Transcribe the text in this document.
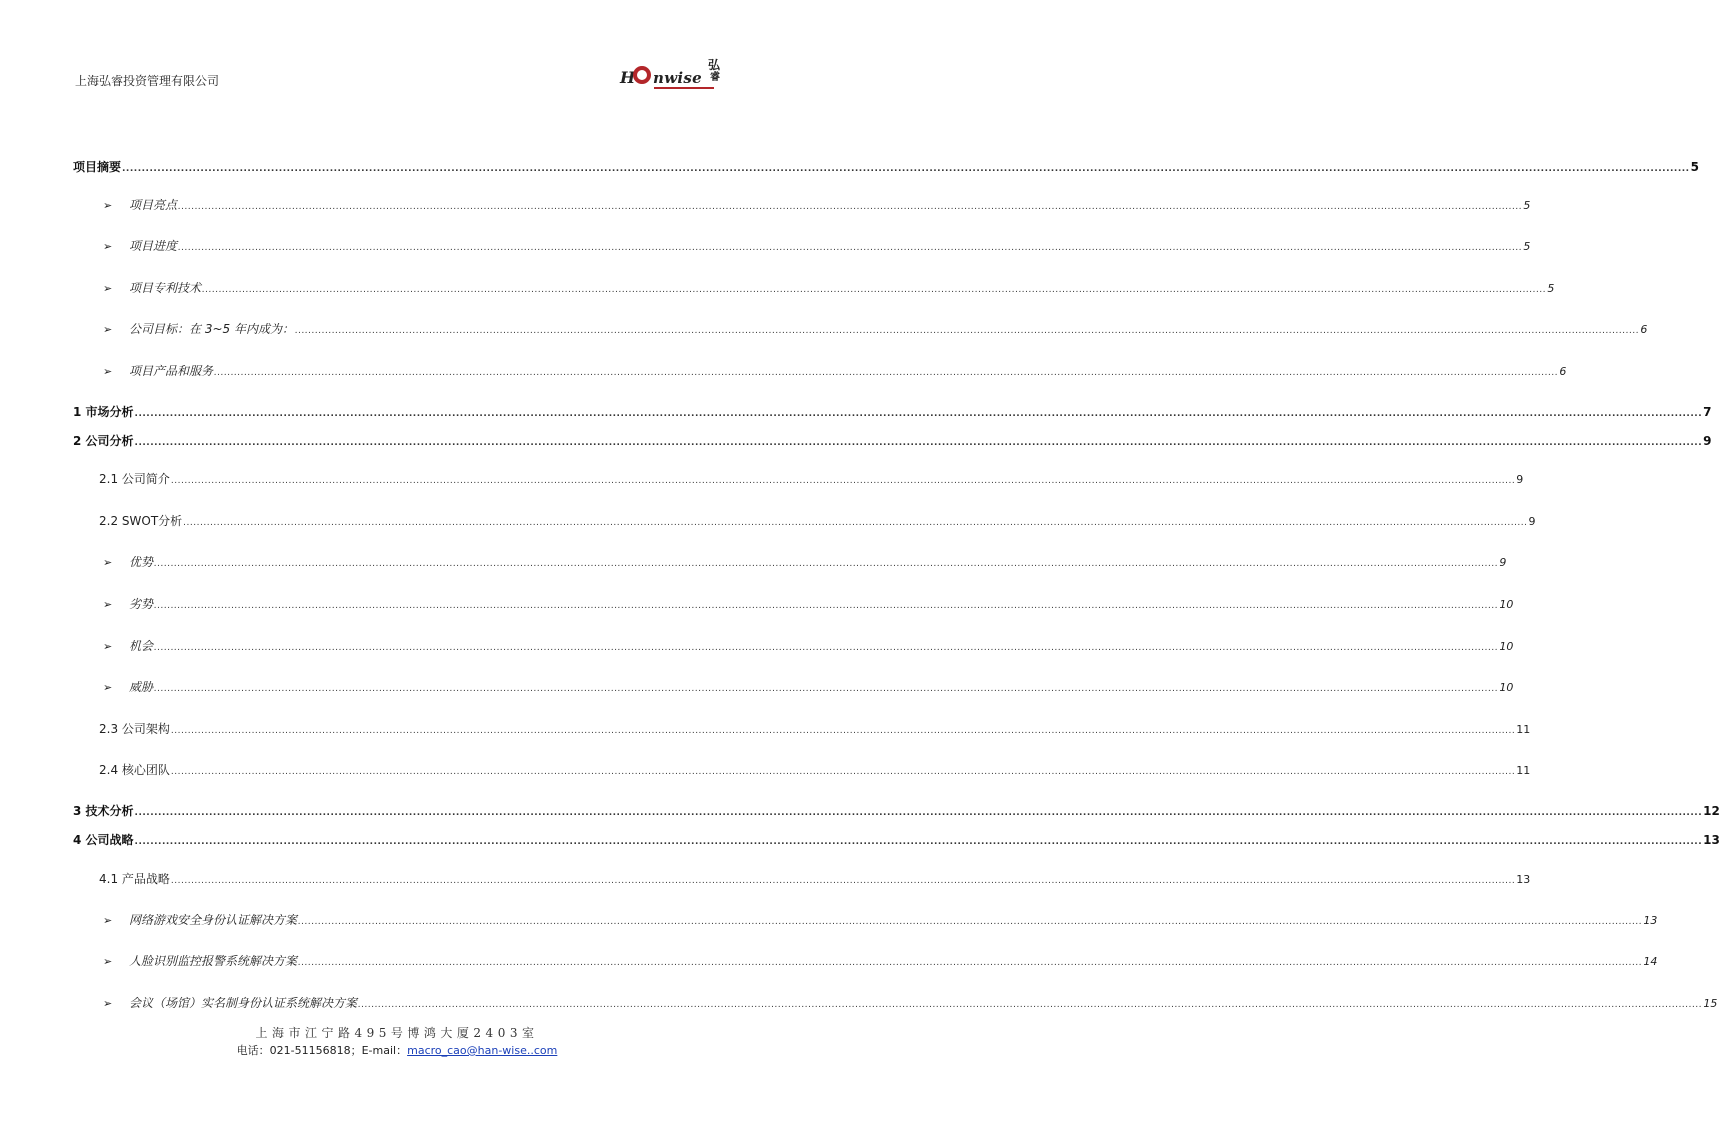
上海弘睿投资管理有限公司	H nwise
弘
睿
项目摘要 ................................................................................................................................................................................................................................................................................................................................................................................................................ 5
➢ 项目亮点 ................................................................................................................................................................................................................................................................................................................................................................................................................ 5
➢ 项目进度 ................................................................................................................................................................................................................................................................................................................................................................................................................ 5
➢ 项目专利技术 ................................................................................................................................................................................................................................................................................................................................................................................................................ 5
➢ 公司目标：在 3~5 年内成为： ................................................................................................................................................................................................................................................................................................................................................................................................................ 6
➢ 项目产品和服务 ................................................................................................................................................................................................................................................................................................................................................................................................................ 6
1 市场分析 ................................................................................................................................................................................................................................................................................................................................................................................................................ 7
2 公司分析 ................................................................................................................................................................................................................................................................................................................................................................................................................ 9
2.1 公司简介 ................................................................................................................................................................................................................................................................................................................................................................................................................ 9
2.2 SWOT分析 ................................................................................................................................................................................................................................................................................................................................................................................................................ 9
➢ 优势 ................................................................................................................................................................................................................................................................................................................................................................................................................ 9
➢ 劣势 ................................................................................................................................................................................................................................................................................................................................................................................................................ 10
➢ 机会 ................................................................................................................................................................................................................................................................................................................................................................................................................ 10
➢ 威胁 ................................................................................................................................................................................................................................................................................................................................................................................................................ 10
2.3 公司架构 ................................................................................................................................................................................................................................................................................................................................................................................................................ 11
2.4 核心团队 ................................................................................................................................................................................................................................................................................................................................................................................................................ 11
3 技术分析 ................................................................................................................................................................................................................................................................................................................................................................................................................ 12
4 公司战略 ................................................................................................................................................................................................................................................................................................................................................................................................................ 13
4.1 产品战略 ................................................................................................................................................................................................................................................................................................................................................................................................................ 13
➢ 网络游戏安全身份认证解决方案 ................................................................................................................................................................................................................................................................................................................................................................................................................ 13
➢ 人脸识别监控报警系统解决方案 ................................................................................................................................................................................................................................................................................................................................................................................................................ 14
➢ 会议（场馆）实名制身份认证系统解决方案 ................................................................................................................................................................................................................................................................................................................................................................................................................ 15
上海市江宁路495号博鸿大厦2403室
电话：021-51156818；E-mail：macro_cao@han-wise..com
